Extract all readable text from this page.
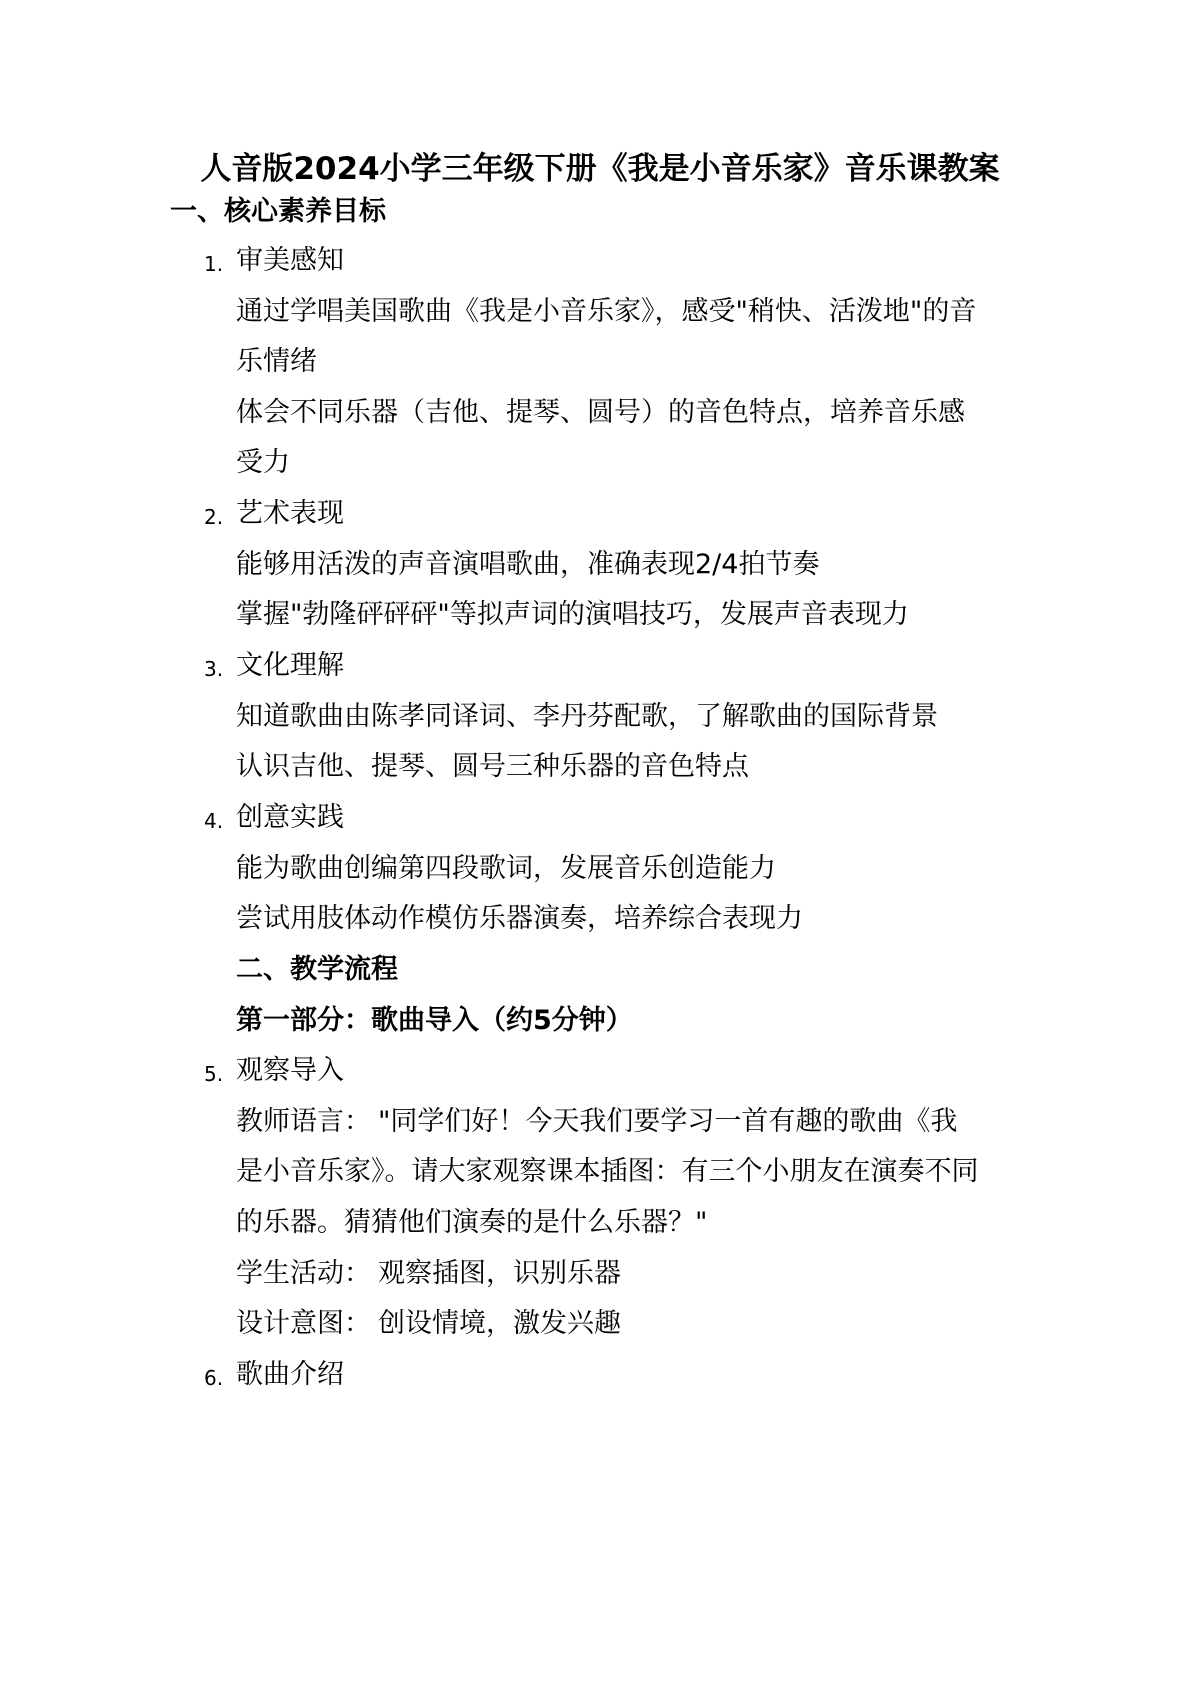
人音版2024小学三年级下册《我是小音乐家》音乐课教案
一、核心素养目标
1. 审美感知
通过学唱美国歌曲《我是小音乐家》，感受"稍快、活泼地"的音
乐情绪
体会不同乐器（吉他、提琴、圆号）的音色特点，培养音乐感
受力
2. 艺术表现
能够用活泼的声音演唱歌曲，准确表现2/4拍节奏
掌握"勃隆砰砰砰"等拟声词的演唱技巧，发展声音表现力
3. 文化理解
知道歌曲由陈孝同译词、李丹芬配歌，了解歌曲的国际背景
认识吉他、提琴、圆号三种乐器的音色特点
4. 创意实践
能为歌曲创编第四段歌词，发展音乐创造能力
尝试用肢体动作模仿乐器演奏，培养综合表现力
二、教学流程
第一部分：歌曲导入（约5分钟）
5. 观察导入
教师语言： "同学们好！今天我们要学习一首有趣的歌曲《我
是小音乐家》。请大家观察课本插图：有三个小朋友在演奏不同
的乐器。猜猜他们演奏的是什么乐器？"
学生活动： 观察插图，识别乐器
设计意图： 创设情境，激发兴趣
6. 歌曲介绍
